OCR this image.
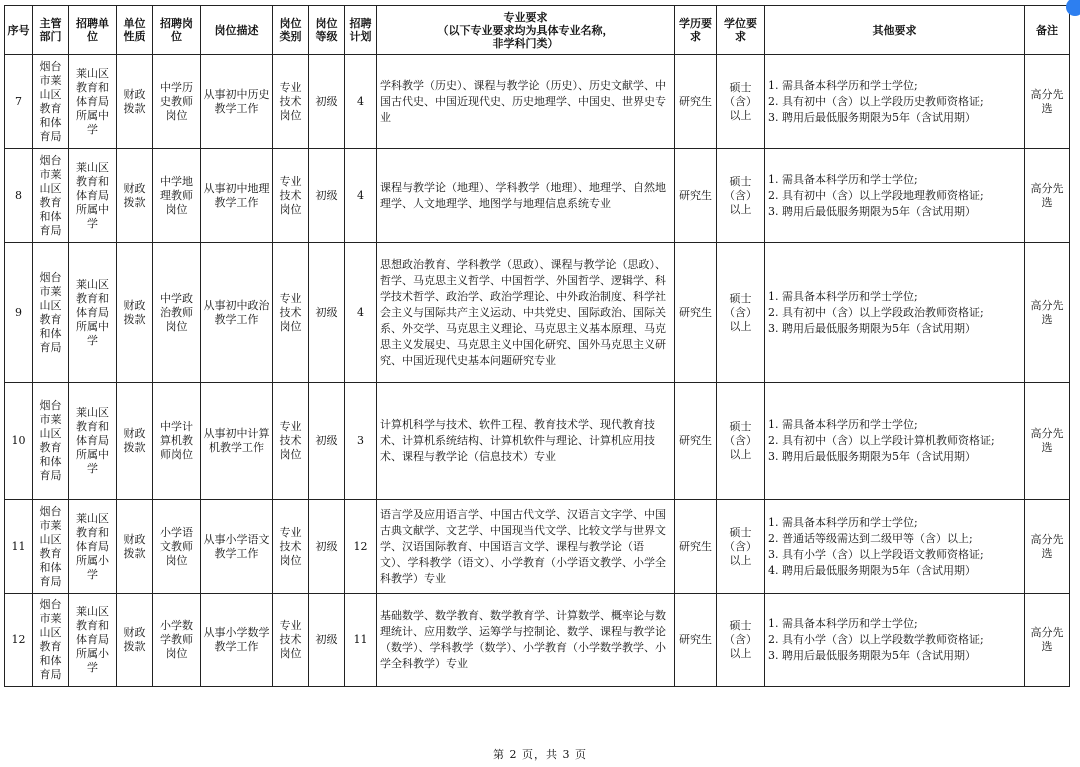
序号	主管部门	招聘单位	单位性质	招聘岗位	岗位描述	岗位类别	岗位等级	招聘计划	专业要求
（以下专业要求均为具体专业名称，
非学科门类）	学历要求	学位要求	其他要求	备注
7	烟台市莱山区教育和体育局	莱山区教育和体育局所属中学	财政拨款	中学历史教师岗位	从事初中历史教学工作	专业技术岗位	初级	4	学科教学（历史）、课程与教学论（历史）、历史文献学、中国古代史、中国近现代史、历史地理学、中国史、世界史专业	研究生	硕士（含）以上	1. 需具备本科学历和学士学位;
2. 具有初中（含）以上学段历史教师资格证;
3. 聘用后最低服务期限为5年（含试用期）	高分先选
8	烟台市莱山区教育和体育局	莱山区教育和体育局所属中学	财政拨款	中学地理教师岗位	从事初中地理教学工作	专业技术岗位	初级	4	课程与教学论（地理）、学科教学（地理）、地理学、自然地理学、人文地理学、地图学与地理信息系统专业	研究生	硕士（含）以上	1. 需具备本科学历和学士学位;
2. 具有初中（含）以上学段地理教师资格证;
3. 聘用后最低服务期限为5年（含试用期）	高分先选
9	烟台市莱山区教育和体育局	莱山区教育和体育局所属中学	财政拨款	中学政治教师岗位	从事初中政治教学工作	专业技术岗位	初级	4	思想政治教育、学科教学（思政）、课程与教学论（思政）、哲学、马克思主义哲学、中国哲学、外国哲学、逻辑学、科学技术哲学、政治学、政治学理论、中外政治制度、科学社会主义与国际共产主义运动、中共党史、国际政治、国际关系、外交学、马克思主义理论、马克思主义基本原理、马克思主义发展史、马克思主义中国化研究、国外马克思主义研究、中国近现代史基本问题研究专业	研究生	硕士（含）以上	1. 需具备本科学历和学士学位;
2. 具有初中（含）以上学段政治教师资格证;
3. 聘用后最低服务期限为5年（含试用期）	高分先选
10	烟台市莱山区教育和体育局	莱山区教育和体育局所属中学	财政拨款	中学计算机教师岗位	从事初中计算机教学工作	专业技术岗位	初级	3	计算机科学与技术、软件工程、教育技术学、现代教育技术、计算机系统结构、计算机软件与理论、计算机应用技术、课程与教学论（信息技术）专业	研究生	硕士（含）以上	1. 需具备本科学历和学士学位;
2. 具有初中（含）以上学段计算机教师资格证;
3. 聘用后最低服务期限为5年（含试用期）	高分先选
11	烟台市莱山区教育和体育局	莱山区教育和体育局所属小学	财政拨款	小学语文教师岗位	从事小学语文教学工作	专业技术岗位	初级	12	语言学及应用语言学、中国古代文学、汉语言文字学、中国古典文献学、文艺学、中国现当代文学、比较文学与世界文学、汉语国际教育、中国语言文学、课程与教学论（语文）、学科教学（语文）、小学教育（小学语文教学、小学全科教学）专业	研究生	硕士（含）以上	1. 需具备本科学历和学士学位;
2. 普通话等级需达到二级甲等（含）以上;
3. 具有小学（含）以上学段语文教师资格证;
4. 聘用后最低服务期限为5年（含试用期）	高分先选
12	烟台市莱山区教育和体育局	莱山区教育和体育局所属小学	财政拨款	小学数学教师岗位	从事小学数学教学工作	专业技术岗位	初级	11	基础数学、数学教育、数学教育学、计算数学、概率论与数理统计、应用数学、运筹学与控制论、数学、课程与教学论（数学）、学科教学（数学）、小学教育（小学数学教学、小学全科教学）专业	研究生	硕士（含）以上	1. 需具备本科学历和学士学位;
2. 具有小学（含）以上学段数学教师资格证;
3. 聘用后最低服务期限为5年（含试用期）	高分先选
第 2 页，共 3 页
